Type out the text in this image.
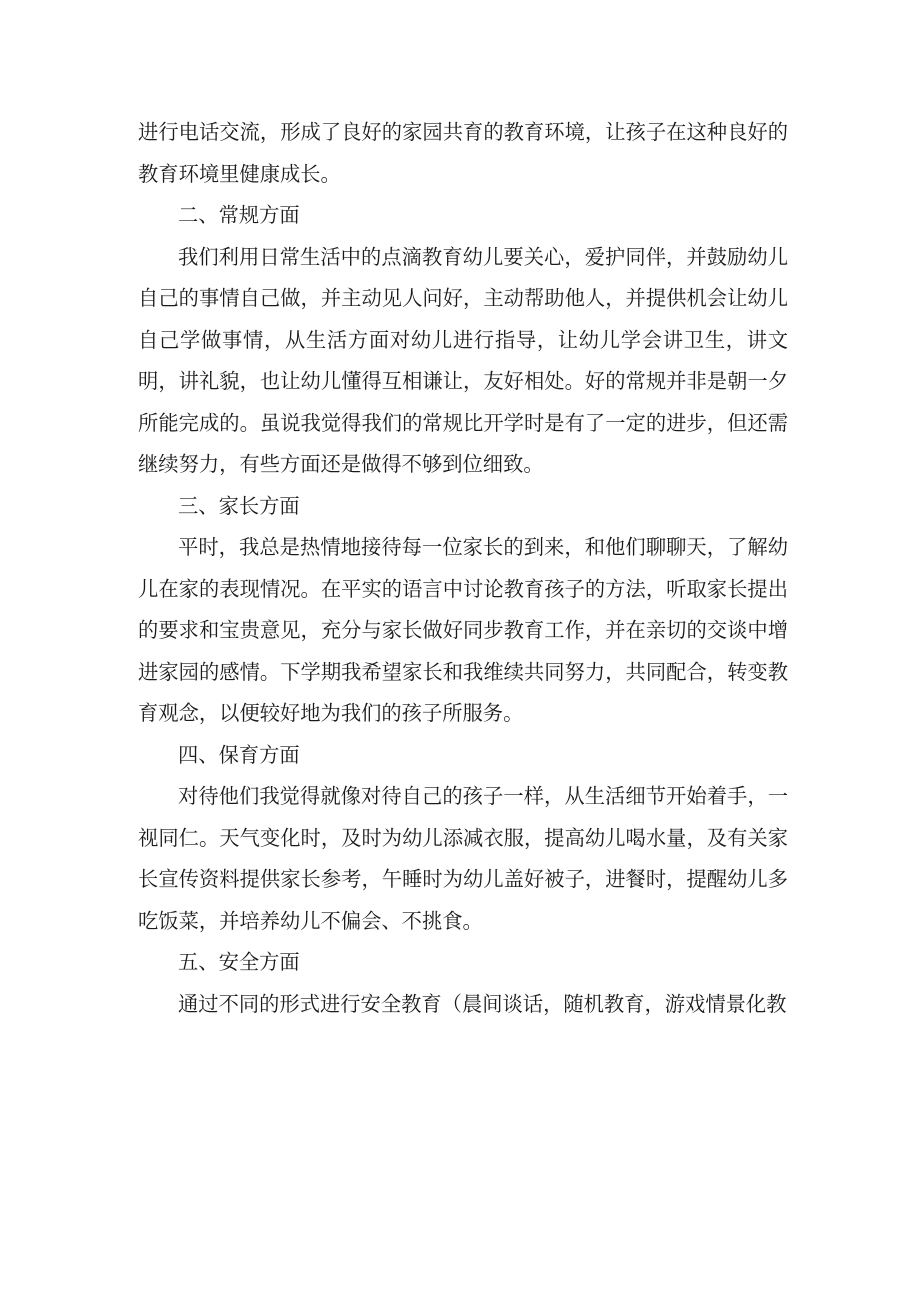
进行电话交流，形成了良好的家园共育的教育环境，让孩子在这种良好的教育环境里健康成长。

二、常规方面

我们利用日常生活中的点滴教育幼儿要关心，爱护同伴，并鼓励幼儿自己的事情自己做，并主动见人问好，主动帮助他人，并提供机会让幼儿自己学做事情，从生活方面对幼儿进行指导，让幼儿学会讲卫生，讲文明，讲礼貌，也让幼儿懂得互相谦让，友好相处。好的常规并非是朝一夕所能完成的。虽说我觉得我们的常规比开学时是有了一定的进步，但还需继续努力，有些方面还是做得不够到位细致。

三、家长方面

平时，我总是热情地接待每一位家长的到来，和他们聊聊天，了解幼儿在家的表现情况。在平实的语言中讨论教育孩子的方法，听取家长提出的要求和宝贵意见，充分与家长做好同步教育工作，并在亲切的交谈中增进家园的感情。下学期我希望家长和我维续共同努力，共同配合，转变教育观念，以便较好地为我们的孩子所服务。

四、保育方面

对待他们我觉得就像对待自己的孩子一样，从生活细节开始着手，一视同仁。天气变化时，及时为幼儿添减衣服，提高幼儿喝水量，及有关家长宣传资料提供家长参考，午睡时为幼儿盖好被子，进餐时，提醒幼儿多吃饭菜，并培养幼儿不偏会、不挑食。

五、安全方面

通过不同的形式进行安全教育（晨间谈话，随机教育，游戏情景化教
